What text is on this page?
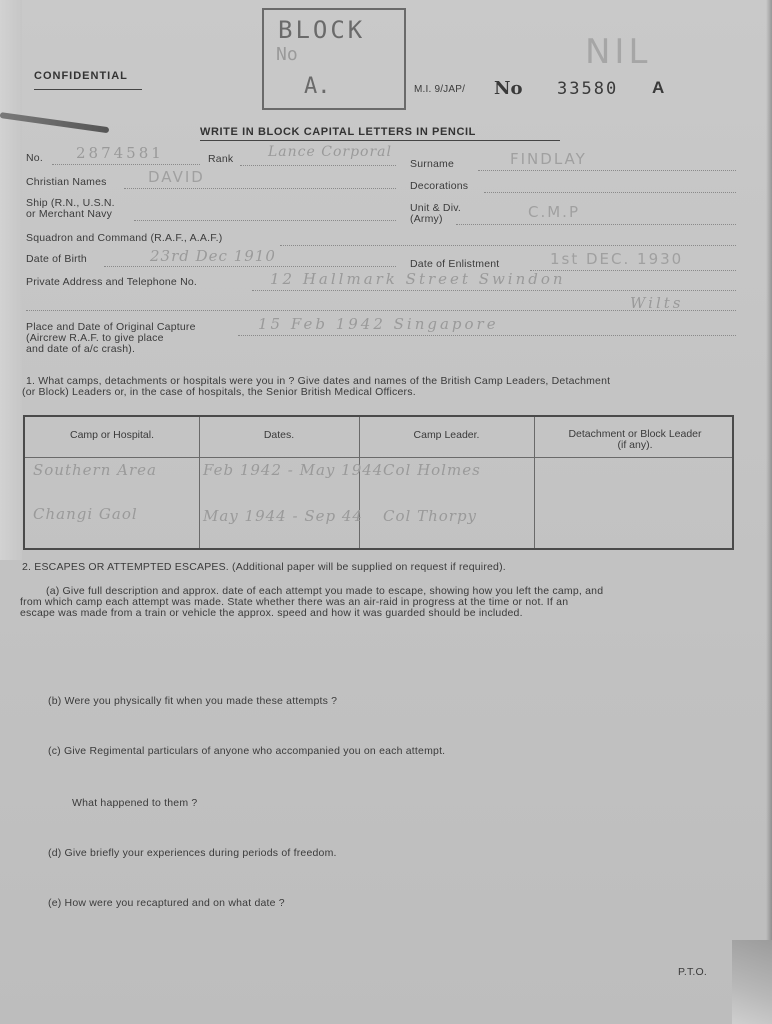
CONFIDENTIAL
BLOCK
No
A.
NIL
M.I. 9/JAP/ No 33580 A
WRITE IN BLOCK CAPITAL LETTERS IN PENCIL
No. 2874581	Rank Lance Corporal
Surname	FINDLAY
Christian Names	DAVID	Decorations
Ship (R.N., U.S.N.
or Merchant Navy	Unit & Div.
(Army)	C.M.P
Squadron and Command (R.A.F., A.A.F.)
Date of Birth	23rd Dec 1910	Date of Enlistment	1st DEC. 1930
Private Address and Telephone No.	12 Hallmark Street Swindon
Wilts
Place and Date of Original Capture
(Aircrew R.A.F. to give place
and date of a/c crash).
15 Feb 1942 Singapore
1. What camps, detachments or hospitals were you in ? Give dates and names of the British Camp Leaders, Detachment
(or Block) Leaders or, in the case of hospitals, the Senior British Medical Officers.
Camp or Hospital.	Dates.	Camp Leader.	Detachment or Block Leader (if any).
Southern Area	Feb 1942 - May 1944 Col Holmes
Changi Gaol	May 1944 - Sep 44 Col Thorpy
2. ESCAPES OR ATTEMPTED ESCAPES. (Additional paper will be supplied on request if required).
(a) Give full description and approx. date of each attempt you made to escape, showing how you left the camp, and
from which camp each attempt was made. State whether there was an air-raid in progress at the time or not. If an
escape was made from a train or vehicle the approx. speed and how it was guarded should be included.
(b) Were you physically fit when you made these attempts ?
(c) Give Regimental particulars of anyone who accompanied you on each attempt.
What happened to them ?
(d) Give briefly your experiences during periods of freedom.
(e) How were you recaptured and on what date ?
P.T.O.
